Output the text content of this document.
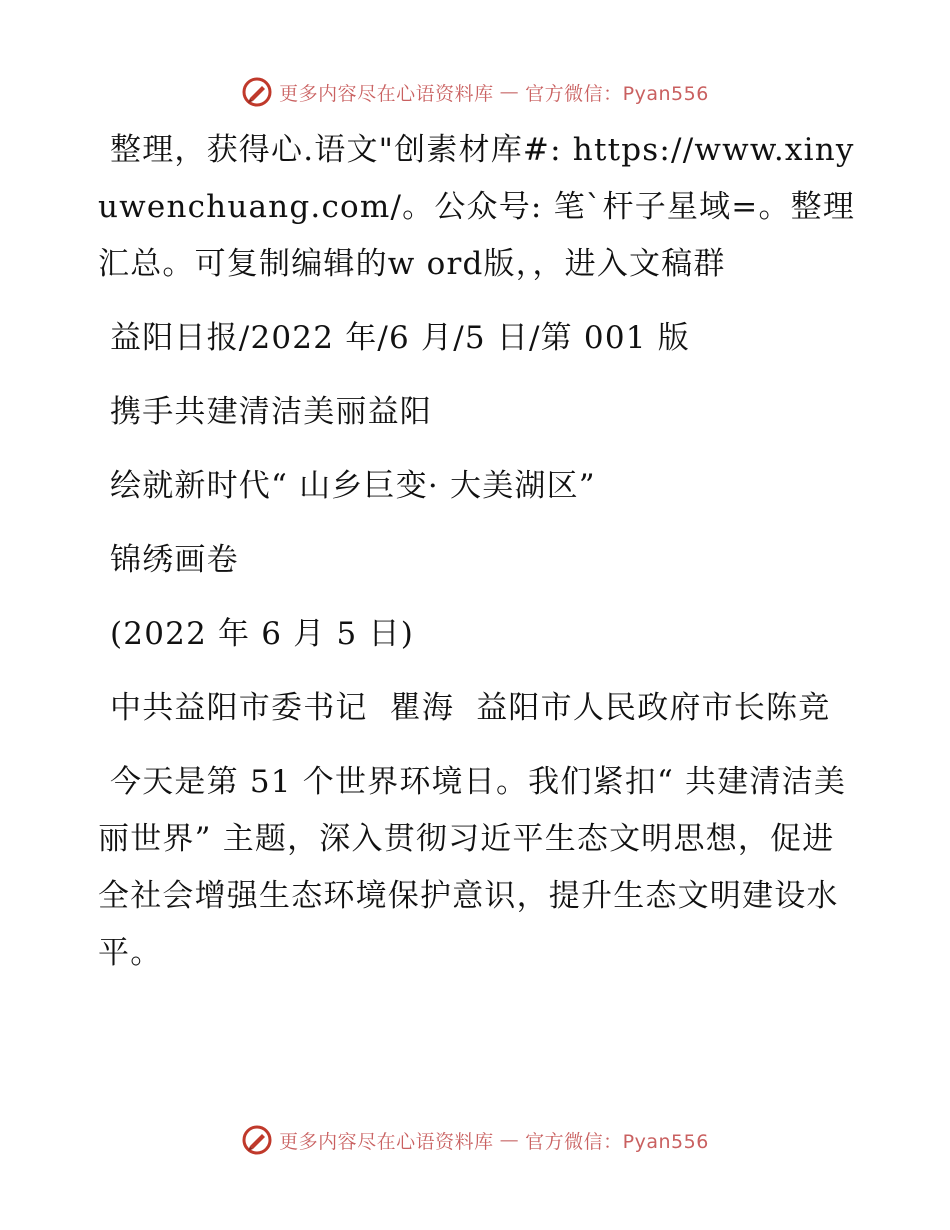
更多内容尽在心语资料库 — 官方微信：Pyan556

整理，获得心.语文"创素材库#: https://www.xinyuwenchuang.com/。公众号: 笔`杆子星域=。整理汇总。可复制编辑的w ord版，，进入文稿群

益阳日报/2022 年/6 月/5 日/第 001 版

携手共建清洁美丽益阳

绘就新时代“ 山乡巨变· 大美湖区”

锦绣画卷

(2022 年 6 月 5 日)

中共益阳市委书记  瞿海  益阳市人民政府市长陈竞

今天是第 51 个世界环境日。我们紧扣“ 共建清洁美丽世界” 主题，深入贯彻习近平生态文明思想，促进全社会增强生态环境保护意识，提升生态文明建设水平。

更多内容尽在心语资料库 — 官方微信：Pyan556
